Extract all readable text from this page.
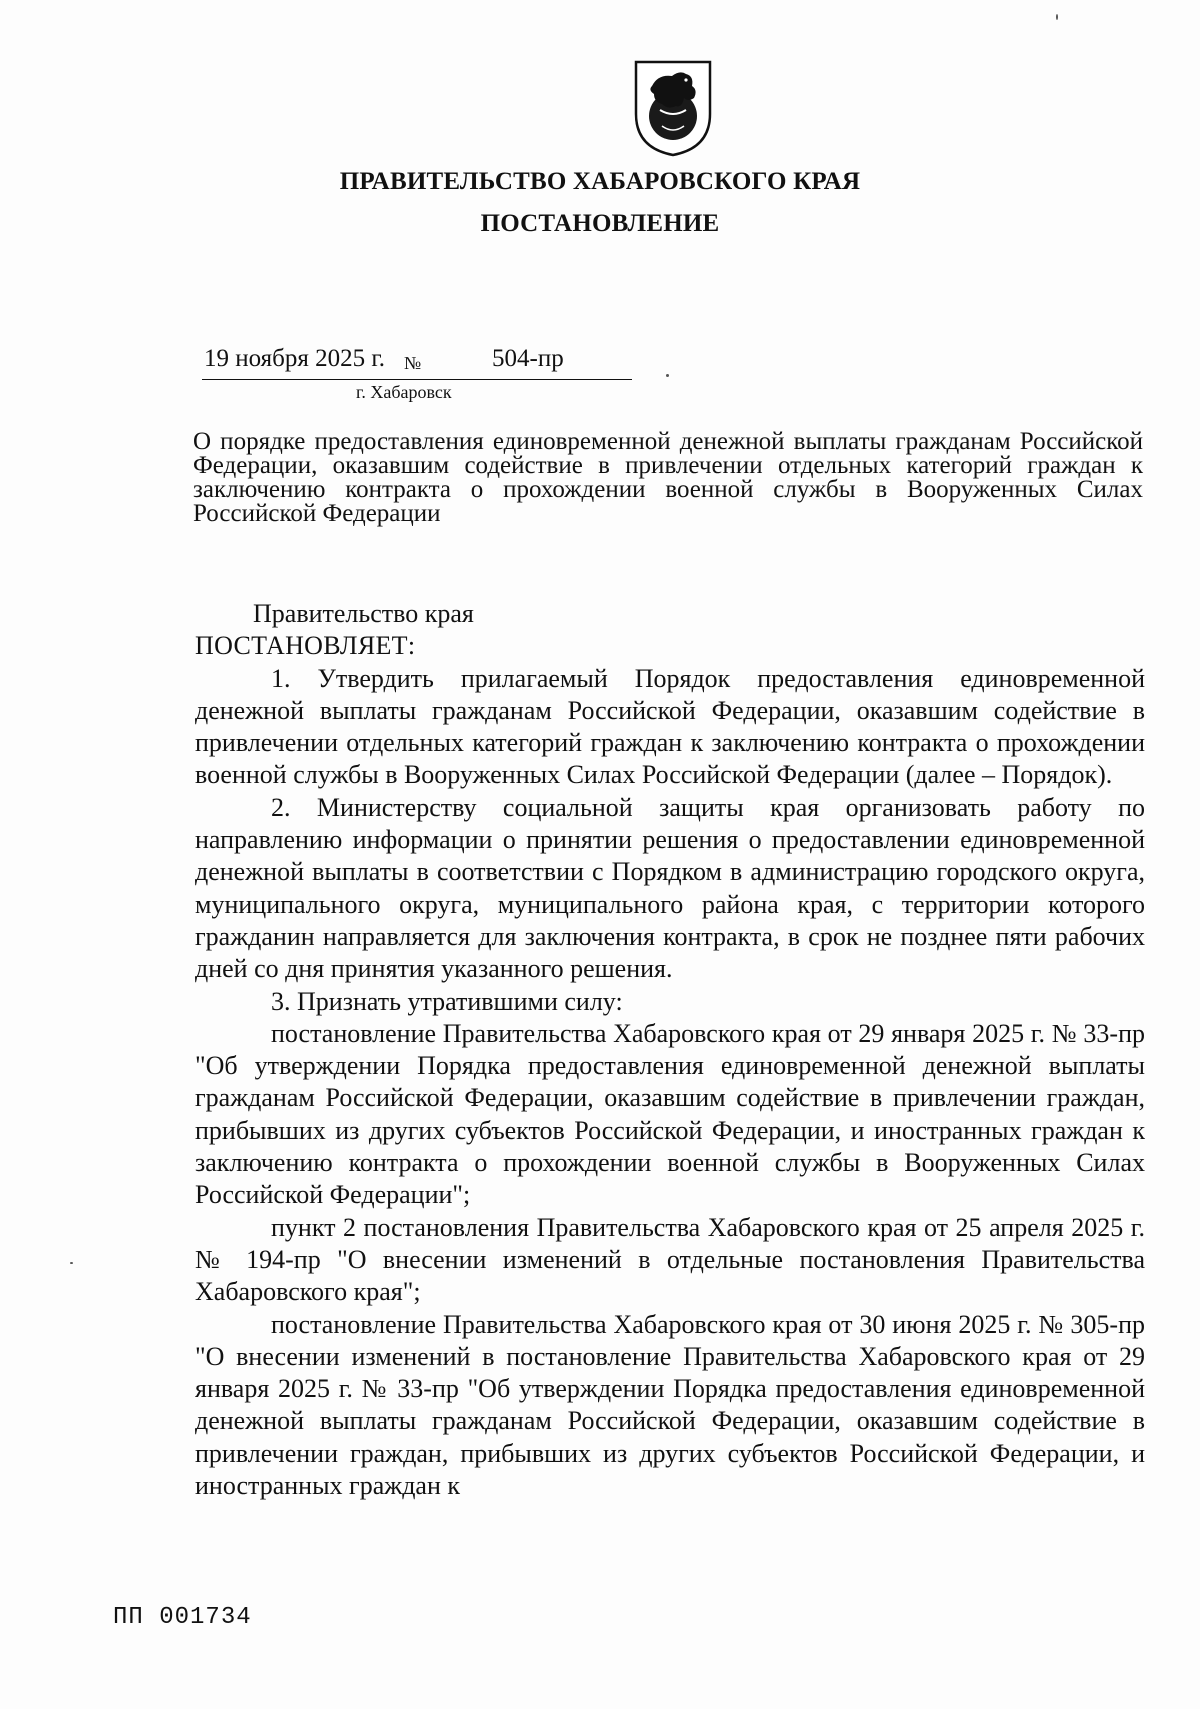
ПРАВИТЕЛЬСТВО ХАБАРОВСКОГО КРАЯ
ПОСТАНОВЛЕНИЕ
19 ноября 2025 г. №	504-пр
г. Хабаровск
О порядке предоставления единовременной денежной выплаты гражданам Российской Федерации, оказавшим содействие в привлечении отдельных категорий граждан к заключению контракта о прохождении военной службы в Вооруженных Силах Российской Федерации

Правительство края

ПОСТАНОВЛЯЕТ:

1. Утвердить прилагаемый Порядок предоставления единовременной денежной выплаты гражданам Российской Федерации, оказавшим содействие в привлечении отдельных категорий граждан к заключению контракта о прохождении военной службы в Вооруженных Силах Российской Федерации (далее – Порядок).

2. Министерству социальной защиты края организовать работу по направлению информации о принятии решения о предоставлении единовременной денежной выплаты в соответствии с Порядком в администрацию городского округа, муниципального округа, муниципального района края, с территории которого гражданин направляется для заключения контракта, в срок не позднее пяти рабочих дней со дня принятия указанного решения.

3. Признать утратившими силу:

постановление Правительства Хабаровского края от 29 января 2025 г. № 33-пр "Об утверждении Порядка предоставления единовременной денежной выплаты гражданам Российской Федерации, оказавшим содействие в привлечении граждан, прибывших из других субъектов Российской Федерации, и иностранных граждан к заключению контракта о прохождении военной службы в Вооруженных Силах Российской Федерации";

пункт 2 постановления Правительства Хабаровского края от 25 апреля 2025 г. № 194-пр "О внесении изменений в отдельные постановления Правительства Хабаровского края";

постановление Правительства Хабаровского края от 30 июня 2025 г. № 305-пр "О внесении изменений в постановление Правительства Хабаровского края от 29 января 2025 г. № 33-пр "Об утверждении Порядка предоставления единовременной денежной выплаты гражданам Российской Федерации, оказавшим содействие в привлечении граждан, прибывших из других субъектов Российской Федерации, и иностранных граждан к

ПП 001734
